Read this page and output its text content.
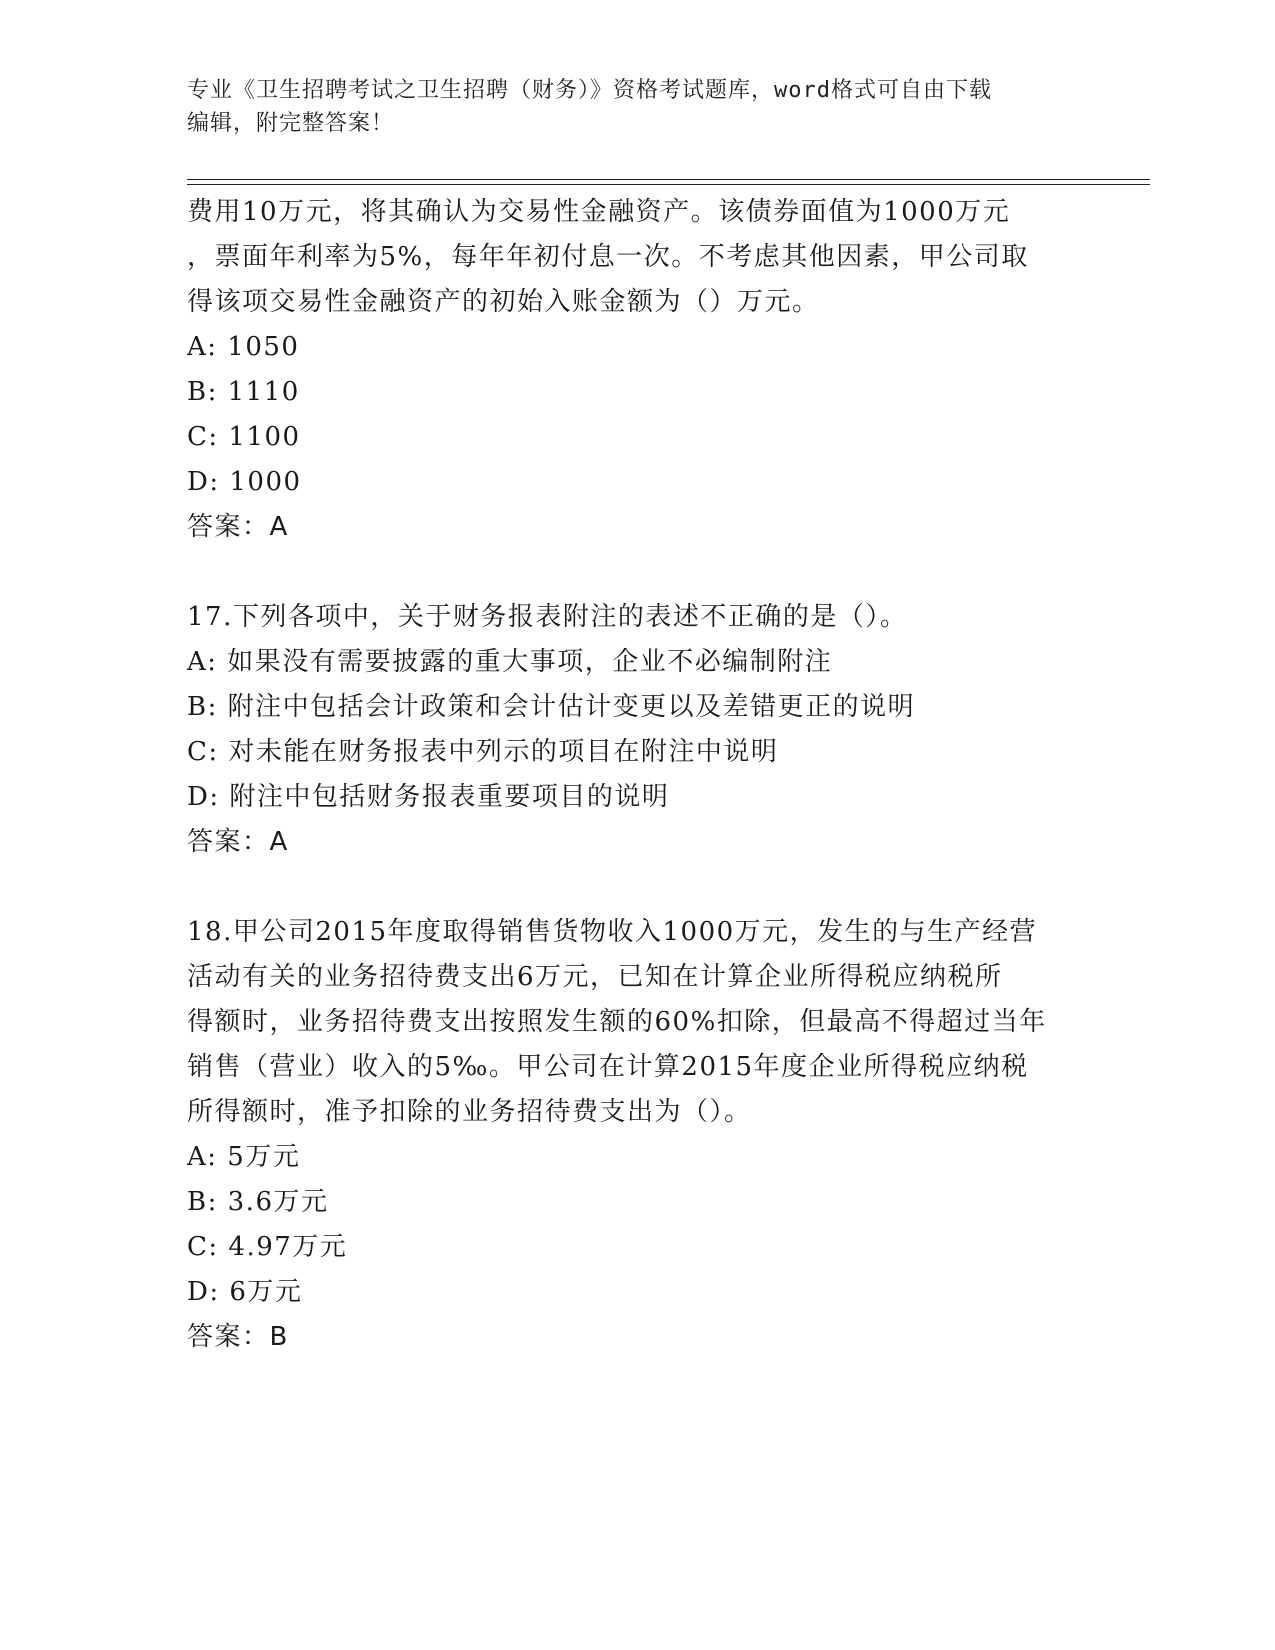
专业《卫生招聘考试之卫生招聘（财务）》资格考试题库，word格式可自由下载
编辑，附完整答案！

费用10万元，将其确认为交易性金融资产。该债券面值为1000万元

，票面年利率为5%，每年年初付息一次。不考虑其他因素，甲公司取

得该项交易性金融资产的初始入账金额为（）万元。

A: 1050

B: 1110

C: 1100

D: 1000

答案：A

17.下列各项中，关于财务报表附注的表述不正确的是（）。

A: 如果没有需要披露的重大事项，企业不必编制附注

B: 附注中包括会计政策和会计估计变更以及差错更正的说明

C: 对未能在财务报表中列示的项目在附注中说明

D: 附注中包括财务报表重要项目的说明

答案：A

18.甲公司2015年度取得销售货物收入1000万元，发生的与生产经营

活动有关的业务招待费支出6万元，已知在计算企业所得税应纳税所

得额时，业务招待费支出按照发生额的60%扣除，但最高不得超过当年

销售（营业）收入的5‰。甲公司在计算2015年度企业所得税应纳税

所得额时，准予扣除的业务招待费支出为（）。

A: 5万元

B: 3.6万元

C: 4.97万元

D: 6万元

答案：B
